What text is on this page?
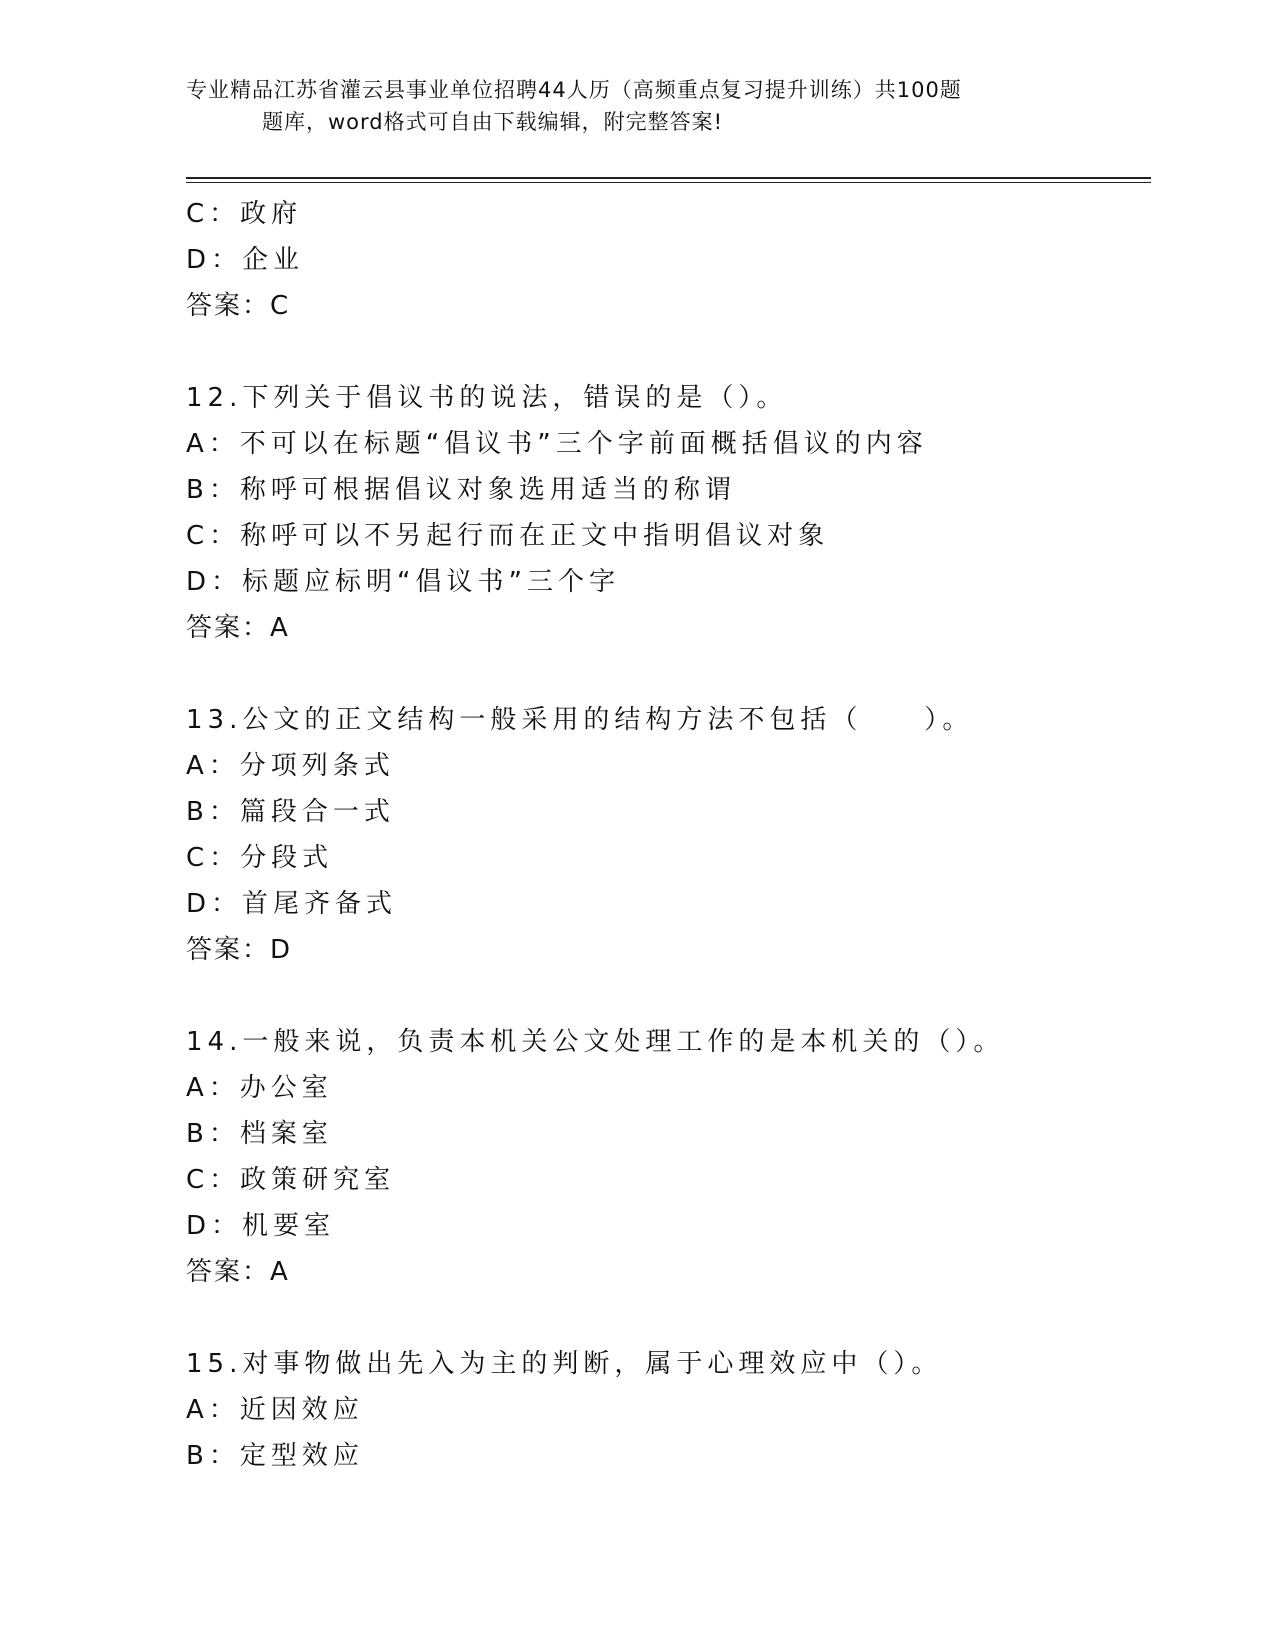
专业精品江苏省灌云县事业单位招聘44人历（高频重点复习提升训练）共100题
题库，word格式可自由下载编辑，附完整答案!
C：政府
D：企业
答案：C
12.下列关于倡议书的说法，错误的是（）。
A：不可以在标题“倡议书”三个字前面概括倡议的内容
B：称呼可根据倡议对象选用适当的称谓
C：称呼可以不另起行而在正文中指明倡议对象
D：标题应标明“倡议书”三个字
答案：A
13.公文的正文结构一般采用的结构方法不包括（　　）。
A：分项列条式
B：篇段合一式
C：分段式
D：首尾齐备式
答案：D
14.一般来说，负责本机关公文处理工作的是本机关的（）。
A：办公室
B：档案室
C：政策研究室
D：机要室
答案：A
15.对事物做出先入为主的判断，属于心理效应中（）。
A：近因效应
B：定型效应
